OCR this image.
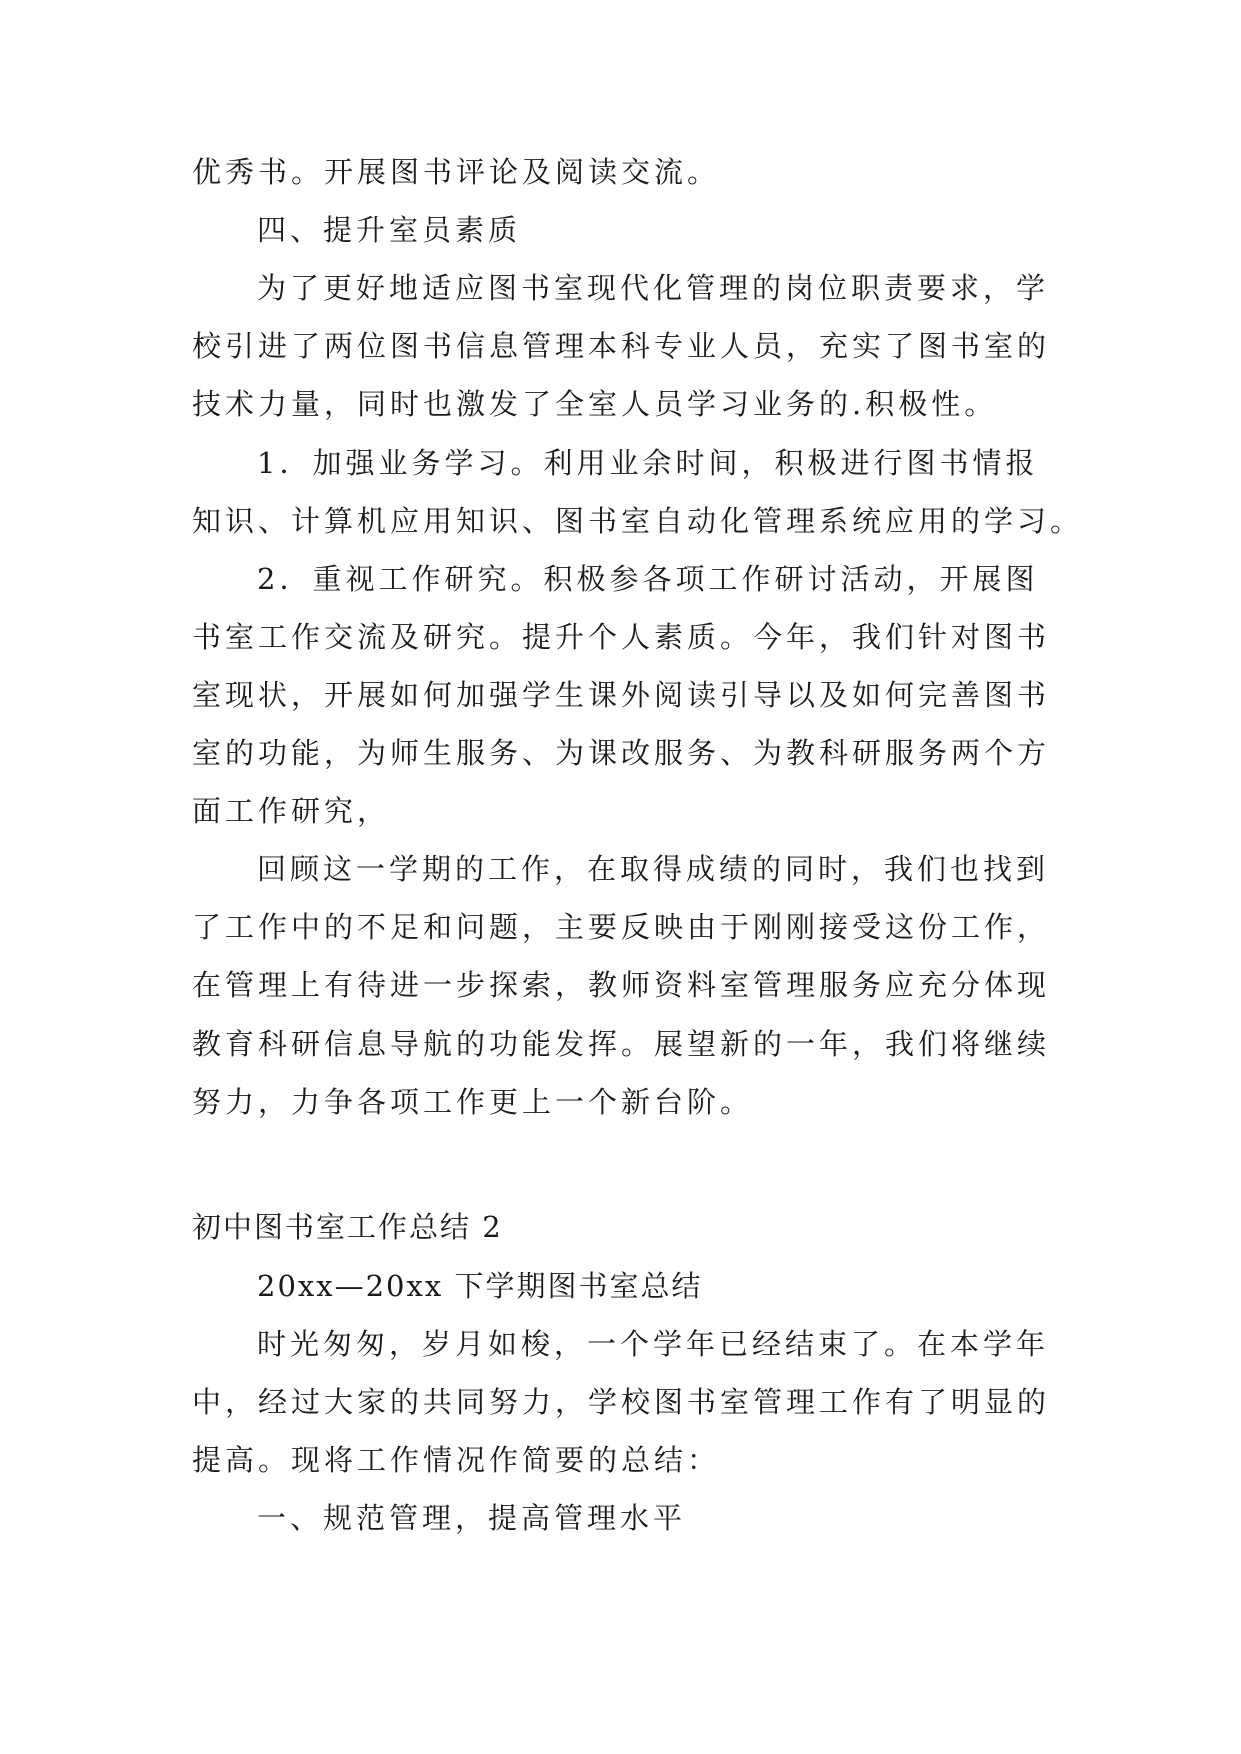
优秀书。开展图书评论及阅读交流。
四、提升室员素质
为了更好地适应图书室现代化管理的岗位职责要求，学
校引进了两位图书信息管理本科专业人员，充实了图书室的
技术力量，同时也激发了全室人员学习业务的.积极性。
1．加强业务学习。利用业余时间，积极进行图书情报
知识、计算机应用知识、图书室自动化管理系统应用的学习。
2．重视工作研究。积极参各项工作研讨活动，开展图
书室工作交流及研究。提升个人素质。今年，我们针对图书
室现状，开展如何加强学生课外阅读引导以及如何完善图书
室的功能，为师生服务、为课改服务、为教科研服务两个方
面工作研究，
回顾这一学期的工作，在取得成绩的同时，我们也找到
了工作中的不足和问题，主要反映由于刚刚接受这份工作，
在管理上有待进一步探索，教师资料室管理服务应充分体现
教育科研信息导航的功能发挥。展望新的一年，我们将继续
努力，力争各项工作更上一个新台阶。
初中图书室工作总结 2
20xx—20xx 下学期图书室总结
时光匆匆，岁月如梭，一个学年已经结束了。在本学年
中，经过大家的共同努力，学校图书室管理工作有了明显的
提高。现将工作情况作简要的总结：
一、规范管理，提高管理水平
